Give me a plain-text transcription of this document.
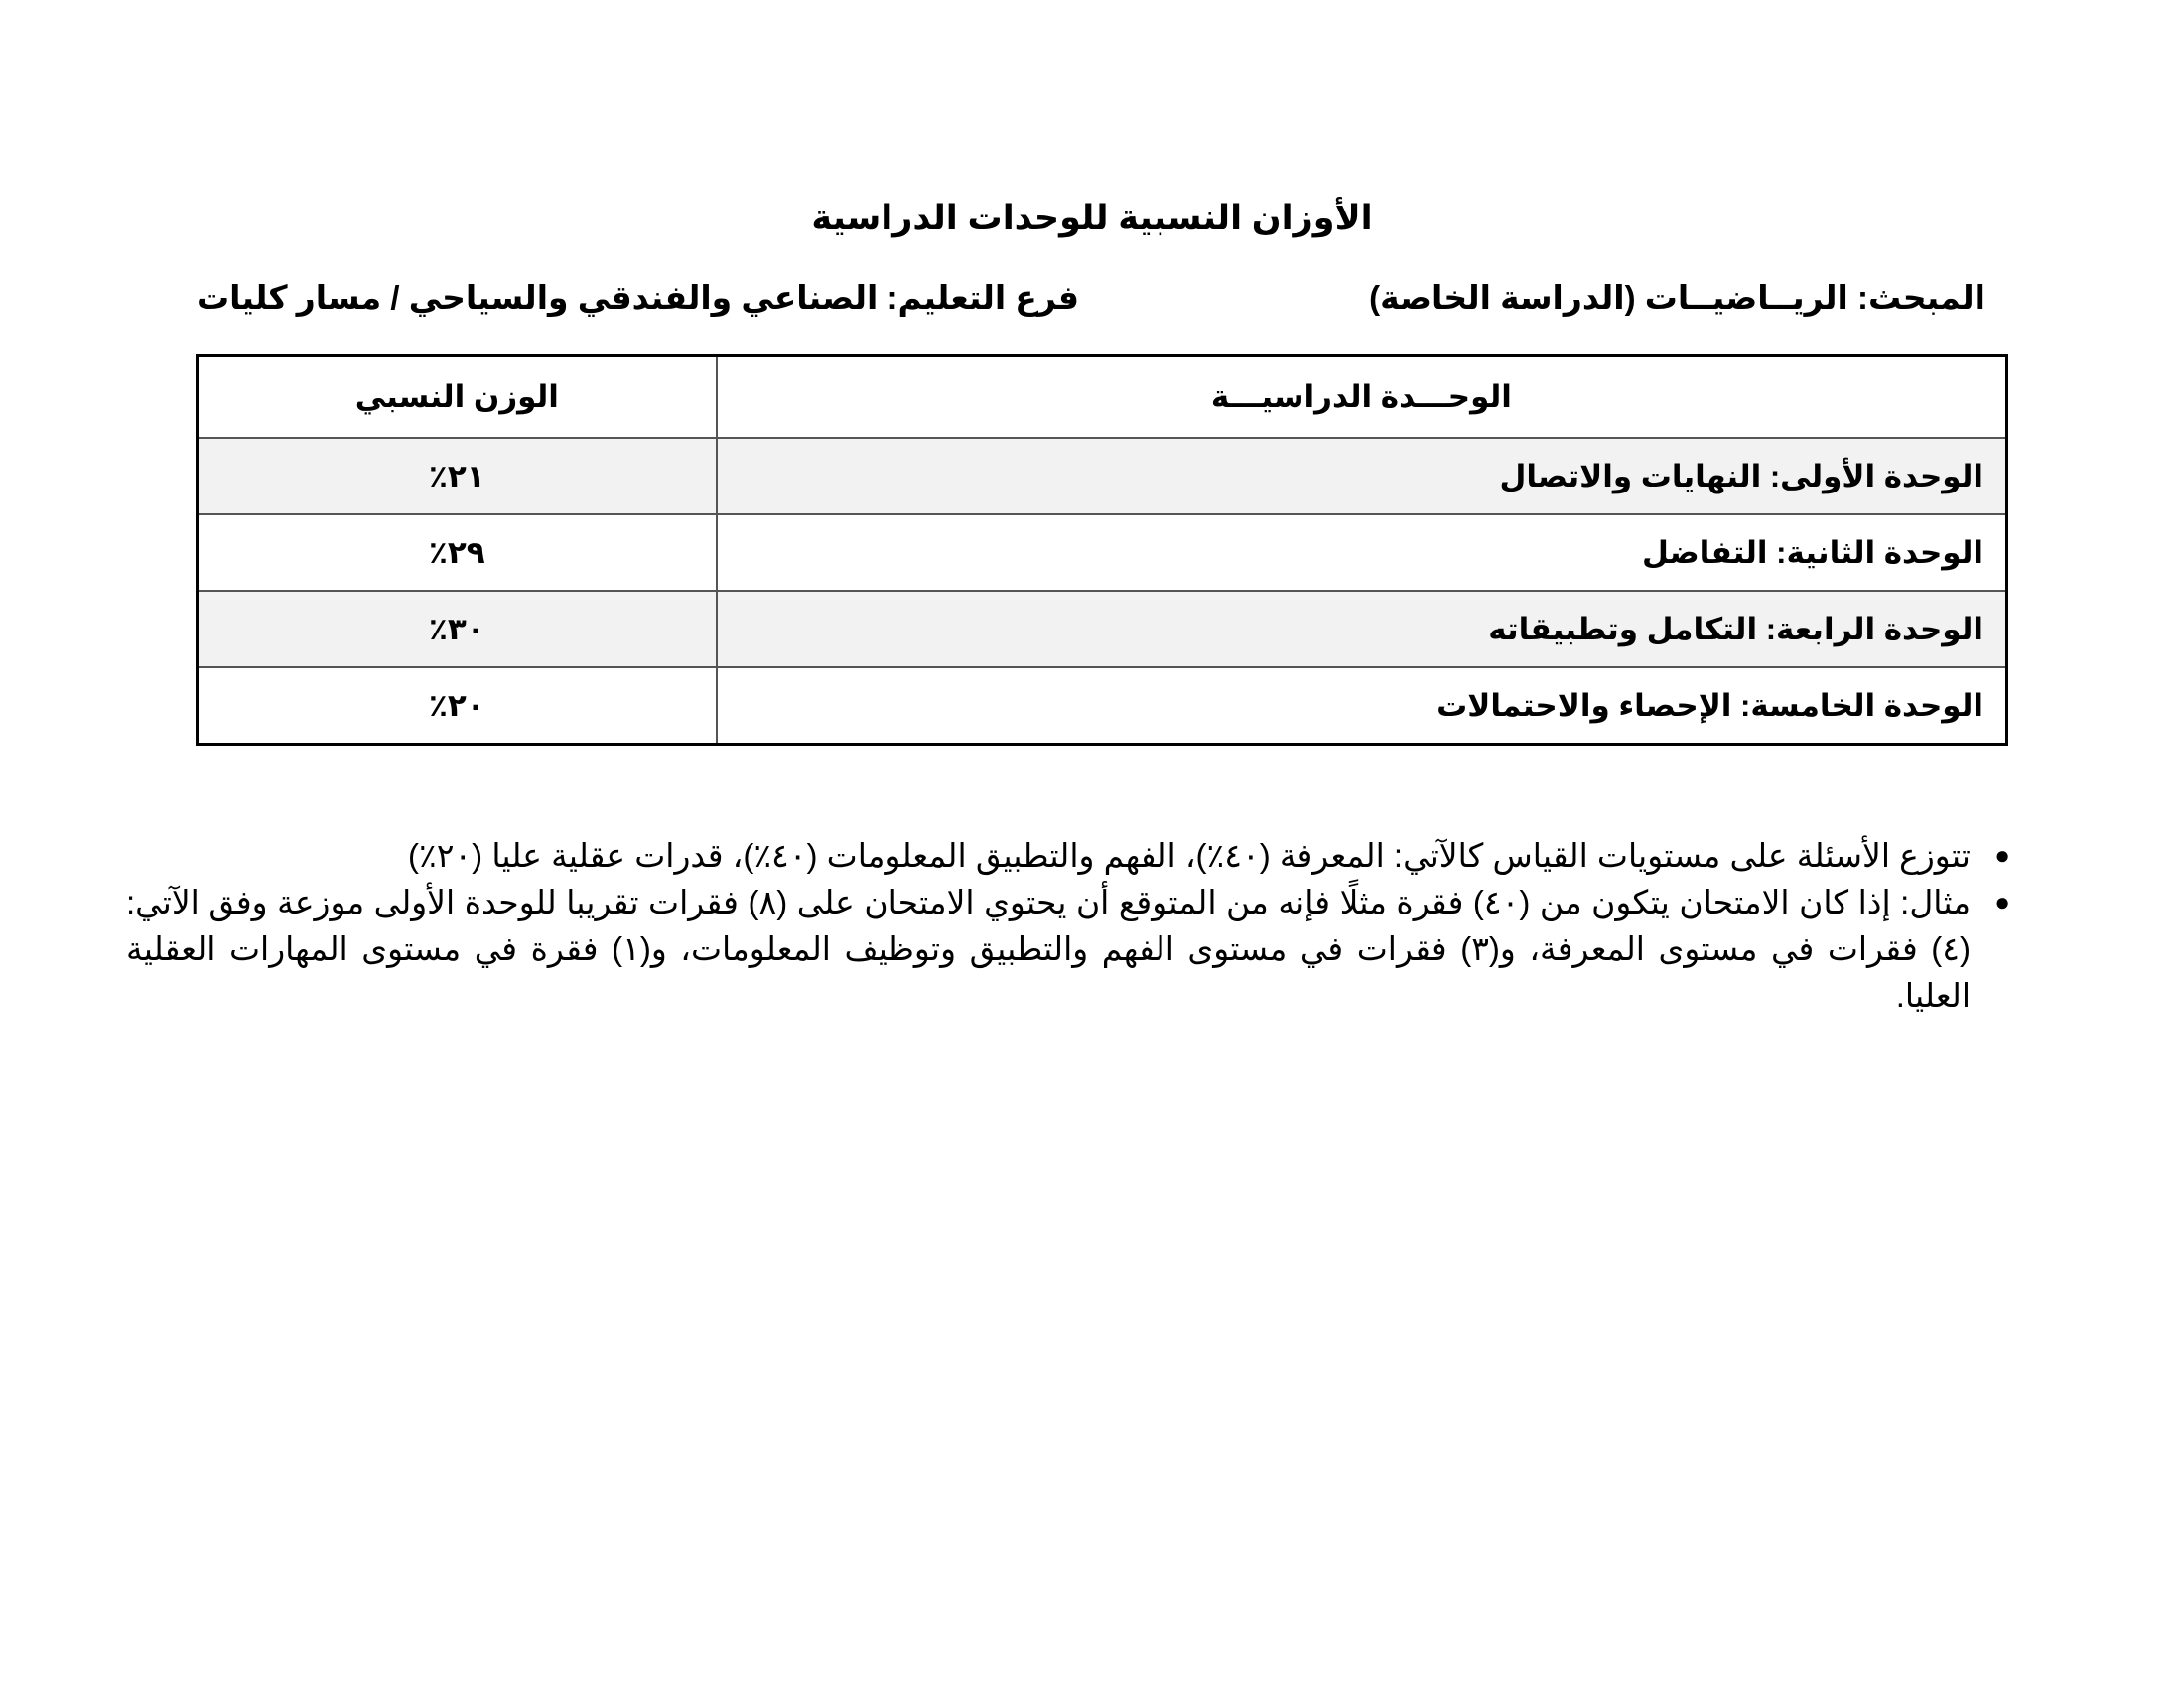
الأوزان النسبية للوحدات الدراسية
المبحث: الريــاضيــات (الدراسة الخاصة)
فرع التعليم: الصناعي والفندقي والسياحي / مسار كليات
الوحـــدة الدراسيـــة	الوزن النسبي
الوحدة الأولى: النهايات والاتصال	٢١٪
الوحدة الثانية: التفاضل	٢٩٪
الوحدة الرابعة: التكامل وتطبيقاته	٣٠٪
الوحدة الخامسة: الإحصاء والاحتمالات	٢٠٪
●
تتوزع الأسئلة على مستويات القياس كالآتي: المعرفة (٤٠٪)، الفهم والتطبيق المعلومات (٤٠٪)، قدرات عقلية عليا (٢٠٪)
●
مثال: إذا كان الامتحان يتكون من (٤٠) فقرة مثلًا فإنه من المتوقع أن يحتوي الامتحان على (٨) فقرات تقريبا للوحدة الأولى موزعة وفق الآتي: (٤) فقرات في مستوى المعرفة، و(٣) فقرات في مستوى الفهم والتطبيق وتوظيف المعلومات، و(١) فقرة في مستوى المهارات العقلية العليا.
